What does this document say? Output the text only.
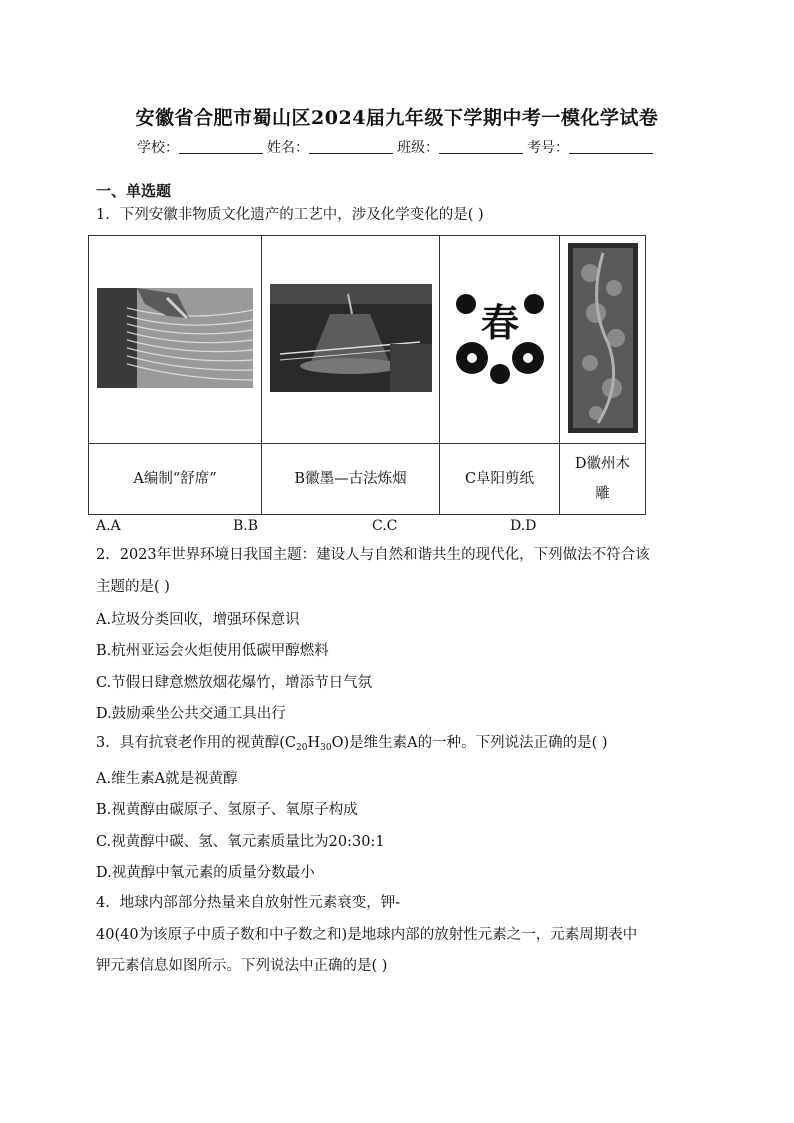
安徽省合肥市蜀山区2024届九年级下学期中考一模化学试卷
学校：	姓名：	班级：	考号：
一、单选题
1．下列安徽非物质文化遗产的工艺中，涉及化学变化的是( )

春

A编制“舒席”	B徽墨—古法炼烟	C阜阳剪纸	D徽州木
雕
A.A	B.B	C.C	D.D
2．2023年世界环境日我国主题：建设人与自然和谐共生的现代化，下列做法不符合该
主题的是( )
A.垃圾分类回收，增强环保意识
B.杭州亚运会火炬使用低碳甲醇燃料
C.节假日肆意燃放烟花爆竹，增添节日气氛
D.鼓励乘坐公共交通工具出行
3．具有抗衰老作用的视黄醇$(C_{20}H_{30}O)$是维生素A的一种。下列说法正确的是( )
A.维生素A就是视黄醇
B.视黄醇由碳原子、氢原子、氧原子构成
C.视黄醇中碳、氢、氧元素质量比为20:30:1
D.视黄醇中氧元素的质量分数最小
4．地球内部部分热量来自放射性元素衰变，钾-
40(40为该原子中质子数和中子数之和)是地球内部的放射性元素之一，元素周期表中
钾元素信息如图所示。下列说法中正确的是( )
